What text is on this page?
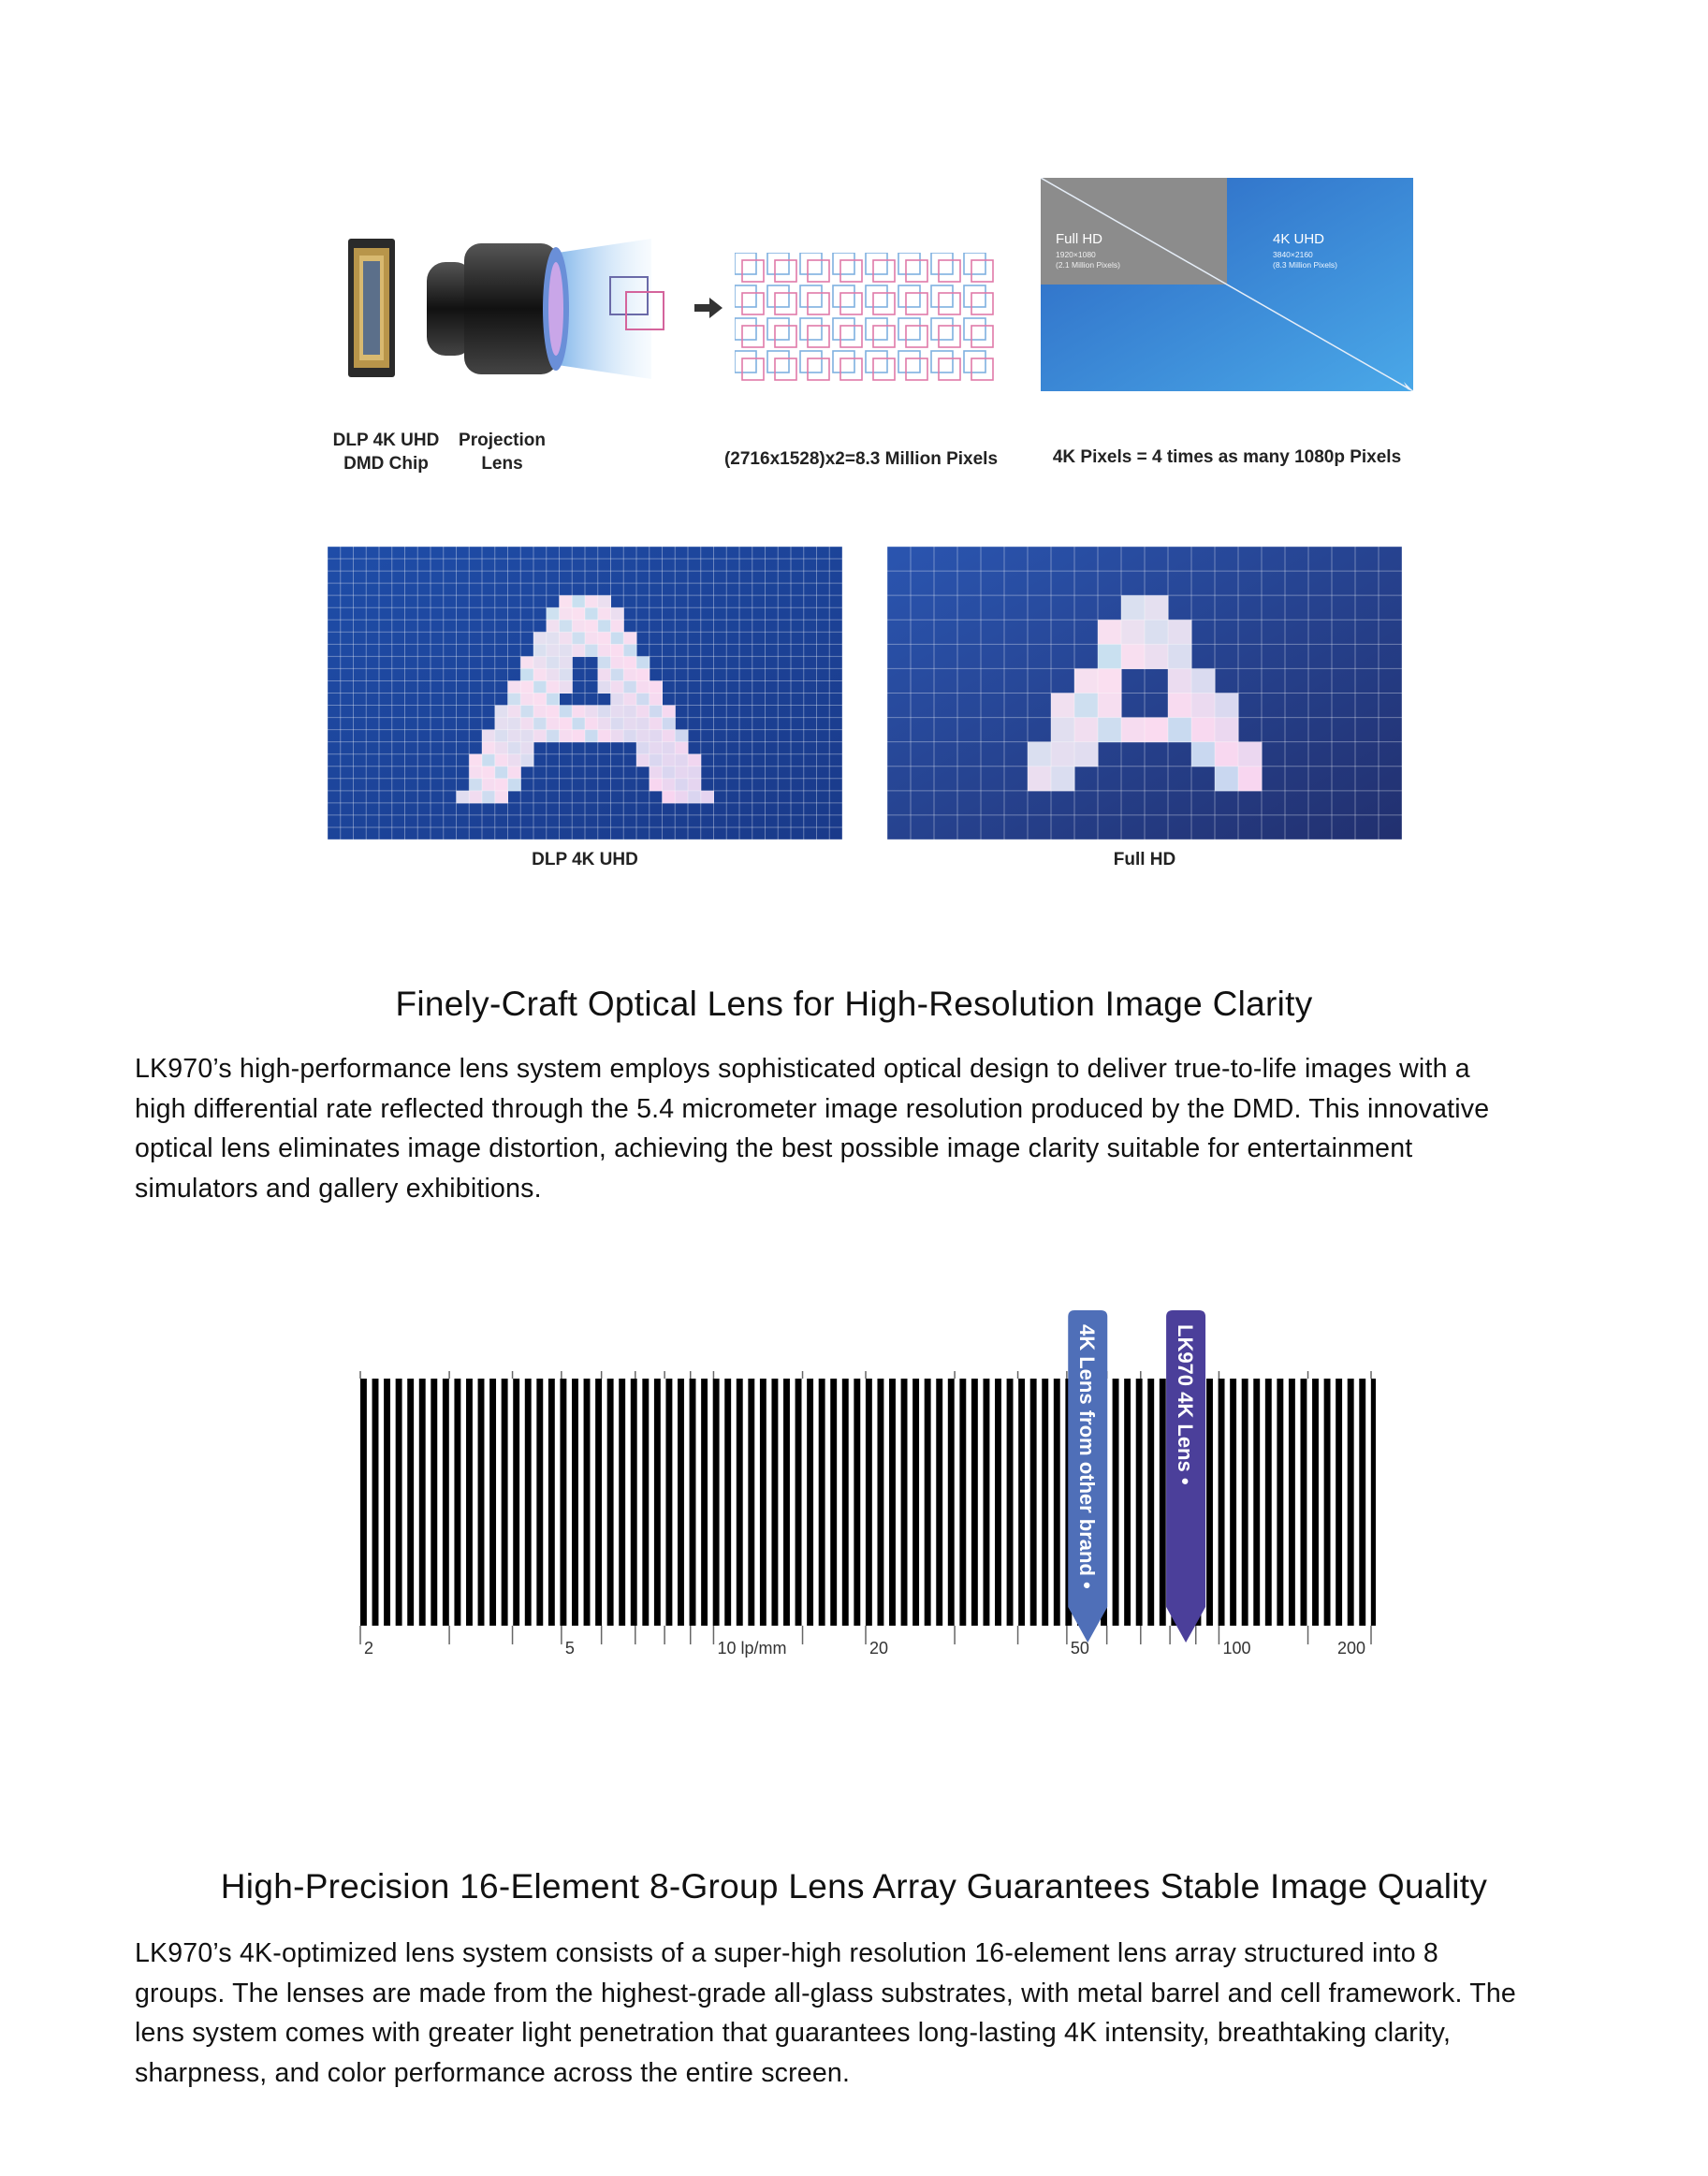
Full HD
1920×1080
(2.1 Million Pixels)
4K UHD
3840×2160
(8.3 Million Pixels)
DLP 4K UHD
DMD Chip
Projection
Lens	(2716x1528)x2=8.3 Million Pixels	4K Pixels = 4 times as many 1080p Pixels
DLP 4K UHD	Full HD
Finely-Craft Optical Lens for High-Resolution Image Clarity
LK970’s high-performance lens system employs sophisticated optical design to deliver true-to-life images with a
high differential rate reflected through the 5.4 micrometer image resolution produced by the DMD. This innovative
optical lens eliminates image distortion, achieving the best possible image clarity suitable for entertainment
simulators and gallery exhibitions.
2	5	10 lp/mm	20	50	100	200
4K Lens from other brand •	LK970 4K Lens •
High-Precision 16-Element 8-Group Lens Array Guarantees Stable Image Quality
LK970’s 4K-optimized lens system consists of a super-high resolution 16-element lens array structured into 8
groups. The lenses are made from the highest-grade all-glass substrates, with metal barrel and cell framework. The
lens system comes with greater light penetration that guarantees long-lasting 4K intensity, breathtaking clarity,
sharpness, and color performance across the entire screen.
